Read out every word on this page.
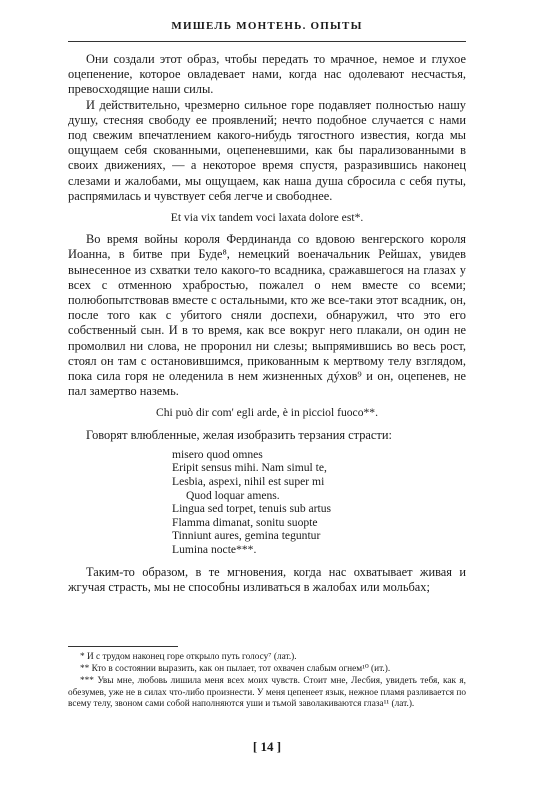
МИШЕЛЬ МОНТЕНЬ. ОПЫТЫ

Они создали этот образ, чтобы передать то мрачное, немое и глухое оцепенение, которое овладевает нами, когда нас одолевают несчастья, превосходящие наши силы.

И действительно, чрезмерно сильное горе подавляет полностью нашу душу, стесняя свободу ее проявлений; нечто подобное случается с нами под свежим впечатлением какого-нибудь тягостного известия, когда мы ощущаем себя скованными, оцепеневшими, как бы парализованными в своих движениях, — а некоторое время спустя, разразившись наконец слезами и жалобами, мы ощущаем, как наша душа сбросила с себя путы, распрямилась и чувствует себя легче и свободнее.

Et via vix tandem voci laxata dolore est*.

Во время войны короля Фердинанда со вдовою венгерского короля Иоанна, в битве при Буде⁸, немецкий военачальник Рейшах, увидев вынесенное из схватки тело какого-то всадника, сражавшегося на глазах у всех с отменною храбростью, пожалел о нем вместе со всеми; полюбопытствовав вместе с остальными, кто же все-таки этот всадник, он, после того как с убитого сняли доспехи, обнаружил, что это его собственный сын. И в то время, как все вокруг него плакали, он один не промолвил ни слова, не проронил ни слезы; выпрямившись во весь рост, стоял он там с остановившимся, прикованным к мертвому телу взглядом, пока сила горя не оледенила в нем жизненных дýхов⁹ и он, оцепенев, не пал замертво наземь.

Chi può dir com' egli arde, è in picciol fuoco**.

Говорят влюбленные, желая изобразить терзания страсти:

misero quod omnes
Eripit sensus mihi. Nam simul te,
Lesbia, aspexi, nihil est super mi
Quod loquar amens.
Lingua sed torpet, tenuis sub artus
Flamma dimanat, sonitu suopte
Tinniunt aures, gemina teguntur
Lumina nocte***.

Таким-то образом, в те мгновения, когда нас охватывает живая и жгучая страсть, мы не способны изливаться в жалобах или мольбах;

* И с трудом наконец горе открыло путь голосу⁷ (лат.).

** Кто в состоянии выразить, как он пылает, тот охвачен слабым огнем¹⁰ (ит.).

*** Увы мне, любовь лишила меня всех моих чувств. Стоит мне, Лесбия, увидеть тебя, как я, обезумев, уже не в силах что-либо произнести. У меня цепенеет язык, нежное пламя разливается по всему телу, звоном сами собой наполняются уши и тьмой заволакиваются глаза¹¹ (лат.).

[ 14 ]
